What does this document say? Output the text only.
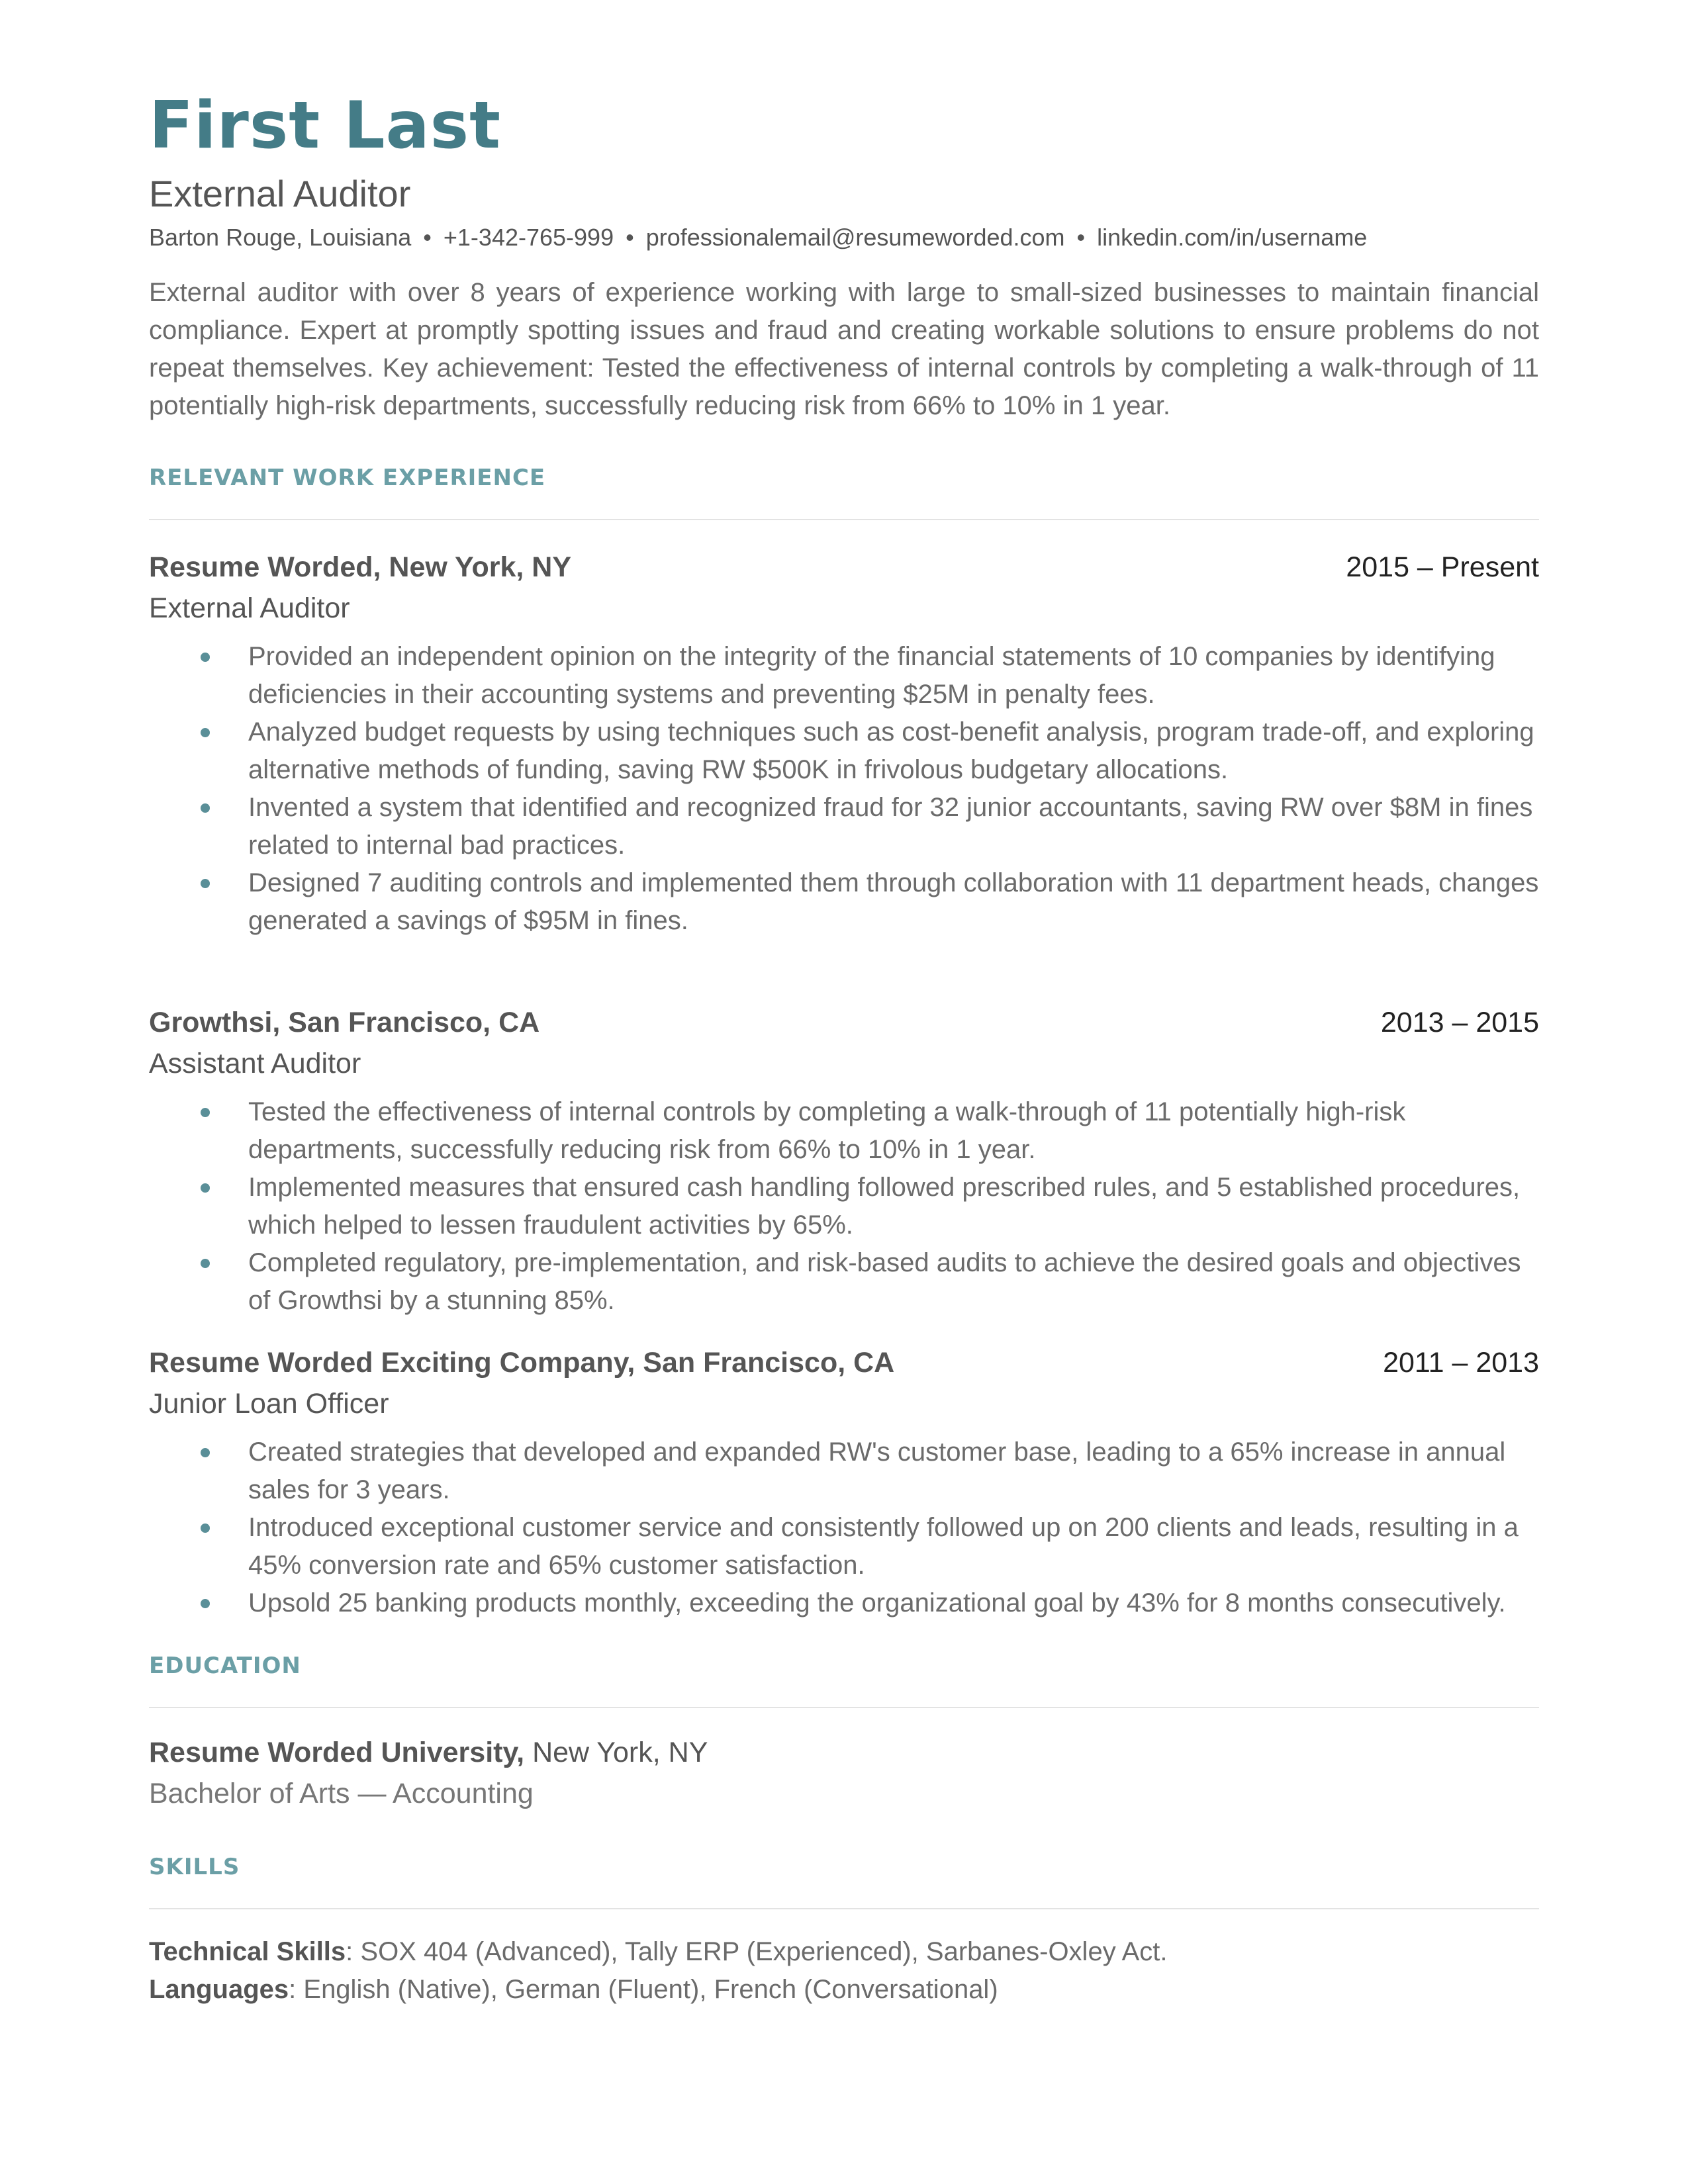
First Last
External Auditor
Barton Rouge, Louisiana • +1-342-765-999 • professionalemail@resumeworded.com • linkedin.com/in/username
External auditor with over 8 years of experience working with large to small-sized businesses to maintain financial compliance. Expert at promptly spotting issues and fraud and creating workable solutions to ensure problems do not repeat themselves. Key achievement: Tested the effectiveness of internal controls by completing a walk-through of 11 potentially high-risk departments, successfully reducing risk from 66% to 10% in 1 year.
RELEVANT WORK EXPERIENCE
Resume Worded, New York, NY	2015 – Present
External Auditor
Provided an independent opinion on the integrity of the financial statements of 10 companies by identifying deficiencies in their accounting systems and preventing $25M in penalty fees.
Analyzed budget requests by using techniques such as cost-benefit analysis, program trade-off, and exploring alternative methods of funding, saving RW $500K in frivolous budgetary allocations.
Invented a system that identified and recognized fraud for 32 junior accountants, saving RW over $8M in fines related to internal bad practices.
Designed 7 auditing controls and implemented them through collaboration with 11 department heads, changes generated a savings of $95M in fines.
Growthsi, San Francisco, CA	2013 – 2015
Assistant Auditor
Tested the effectiveness of internal controls by completing a walk-through of 11 potentially high-risk departments, successfully reducing risk from 66% to 10% in 1 year.
Implemented measures that ensured cash handling followed prescribed rules, and 5 established procedures, which helped to lessen fraudulent activities by 65%.
Completed regulatory, pre-implementation, and risk-based audits to achieve the desired goals and objectives of Growthsi by a stunning 85%.
Resume Worded Exciting Company, San Francisco, CA	2011 – 2013
Junior Loan Officer
Created strategies that developed and expanded RW's customer base, leading to a 65% increase in annual sales for 3 years.
Introduced exceptional customer service and consistently followed up on 200 clients and leads, resulting in a 45% conversion rate and 65% customer satisfaction.
Upsold 25 banking products monthly, exceeding the organizational goal by 43% for 8 months consecutively.
EDUCATION
Resume Worded University, New York, NY
Bachelor of Arts — Accounting
SKILLS
Technical Skills: SOX 404 (Advanced), Tally ERP (Experienced), Sarbanes-Oxley Act.
Languages: English (Native), German (Fluent), French (Conversational)
